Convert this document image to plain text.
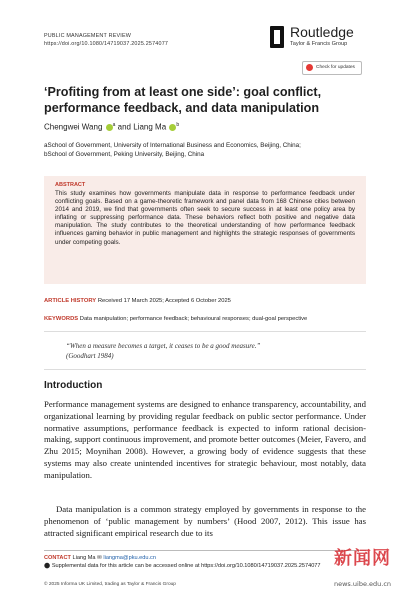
PUBLIC MANAGEMENT REVIEW
https://doi.org/10.1080/14719037.2025.2574077
Routledge
Taylor & Francis Group
Check for updates
‘Profiting from at least one side’: goal conflict, performance feedback, and data manipulation
Chengwei Wang $^a$ and Liang Ma $^b$
aSchool of Government, University of International Business and Economics, Beijing, China;
bSchool of Government, Peking University, Beijing, China
ABSTRACT
This study examines how governments manipulate data in response to performance feedback under conflicting goals. Based on a game-theoretic framework and panel data from 168 Chinese cities between 2014 and 2019, we find that governments often seek to secure success in at least one policy area by inflating or suppressing performance data. These behaviors reflect both positive and negative data manipulation. The study contributes to the theoretical understanding of how performance feedback influences gaming behavior in public management and highlights the strategic responses of governments under competing goals.
ARTICLE HISTORY Received 17 March 2025; Accepted 6 October 2025
KEYWORDS Data manipulation; performance feedback; behavioural responses; dual-goal perspective
“When a measure becomes a target, it ceases to be a good measure.”
(Goodhart 1984)
Introduction
Performance management systems are designed to enhance transparency, accountability, and organizational learning by providing regular feedback on public sector performance. Under normative assumptions, performance feedback is expected to inform rational decision-making, support continuous improvement, and promote better outcomes (Meier, Favero, and Zhu 2015; Moynihan 2008). However, a growing body of evidence suggests that these systems may also create unintended incentives for strategic behaviour, most notably, data manipulation.
Data manipulation is a common strategy employed by governments in response to the phenomenon of ‘public management by numbers’ (Hood 2007, 2012). This issue has attracted significant empirical research due to its
CONTACT Liang Ma ✉ liangma@pku.edu.cn
⬤ Supplemental data for this article can be accessed online at https://doi.org/10.1080/14719037.2025.2574077
© 2025 Informa UK Limited, trading as Taylor & Francis Group
新闻网
news.uibe.edu.cn
